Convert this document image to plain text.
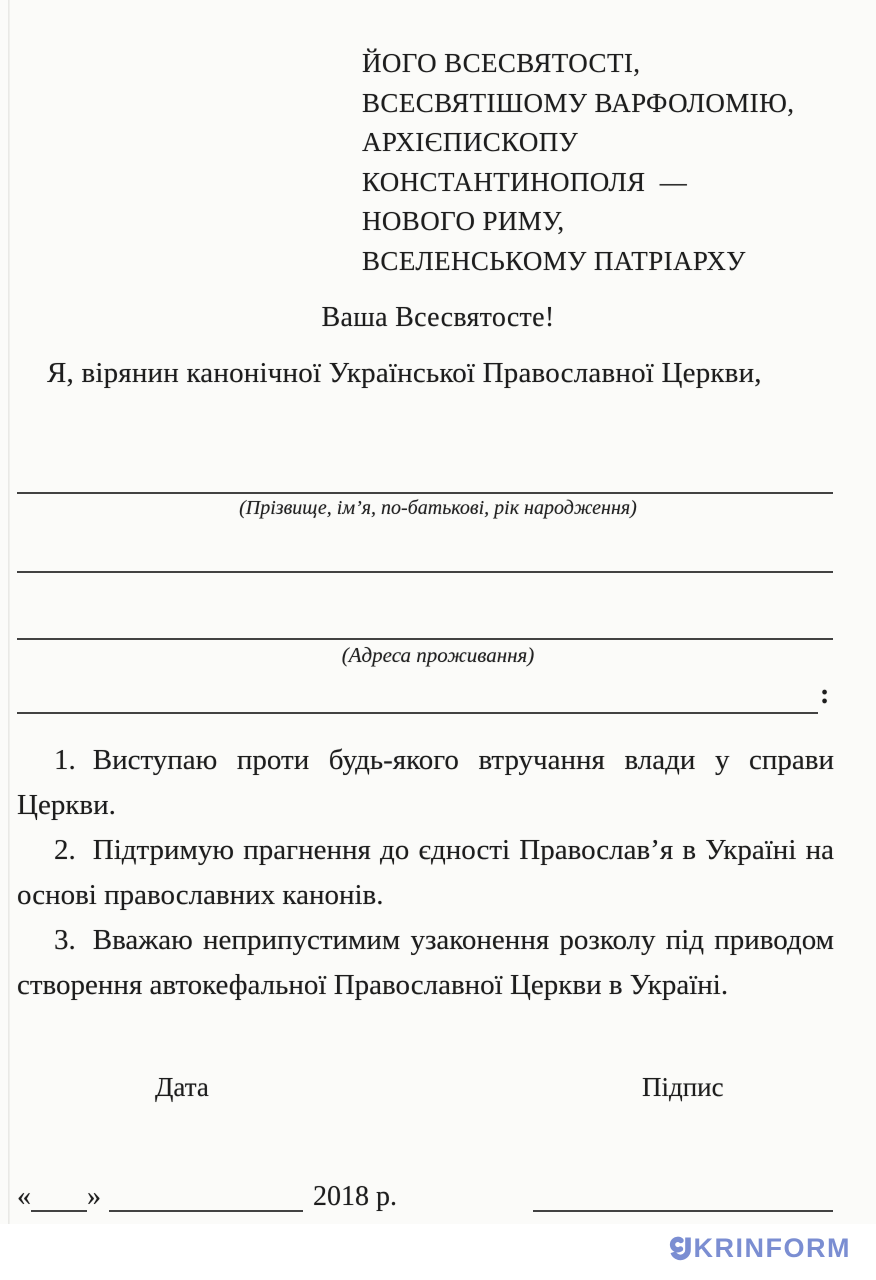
ЙОГО ВСЕСВЯТОСТІ,
ВСЕСВЯТІШОМУ ВАРФОЛОМІЮ,
АРХІЄПИСКОПУ
КОНСТАНТИНОПОЛЯ  —
НОВОГО РИМУ,
ВСЕЛЕНСЬКОМУ ПАТРІАРХУ
Ваша Всесвятосте!
Я, вірянин канонічної Української Православної Церкви,
(Прізвище, ім’я, по-батькові, рік народження)
(Адреса проживання)
:

1. Виступаю проти будь-якого втручання влади у справи Церкви.

2. Підтримую прагнення до єдності Православ’я в Україні на основі православних канонів.

3. Вважаю неприпустимим узаконення розколу під приводом створення автокефальної Православної Церкви в Україні.

Дата	Підпис
« »	2018 р.
KRINFORM
